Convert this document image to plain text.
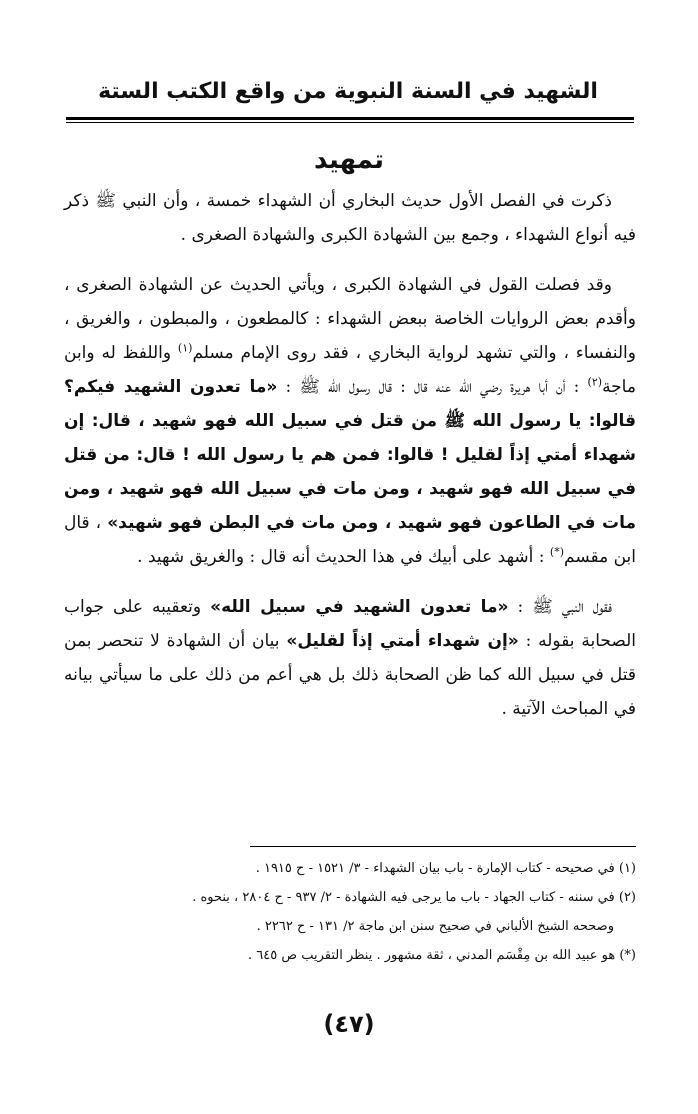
الشهيد في السنة النبوية من واقع الكتب الستة
تمهيد

ذكرت في الفصل الأول حديث البخاري أن الشهداء خمسة ، وأن النبي ﷺ ذكر فيه أنواع الشهداء ، وجمع بين الشهادة الكبرى والشهادة الصغرى .

وقد فصلت القول في الشهادة الكبرى ، ويأتي الحديث عن الشهادة الصغرى ، وأقدم بعض الروايات الخاصة ببعض الشهداء : كالمطعون ، والمبطون ، والغريق ، والنفساء ، والتي تشهد لرواية البخاري ، فقد روى الإمام مسلم$^{(١)}$ واللفظ له وابن ماجة$^{(٢)}$ : أن أبا هريرة رضي الله عنه قال : قال رسول الله ﷺ : «ما تعدون الشهيد فيكم؟ قالوا: يا رسول الله ﷺ من قتل في سبيل الله فهو شهيد ، قال: إن شهداء أمتي إذاً لقليل ! قالوا: فمن هم يا رسول الله ! قال: من قتل في سبيل الله فهو شهيد ، ومن مات في سبيل الله فهو شهيد ، ومن مات في الطاعون فهو شهيد ، ومن مات في البطن فهو شهيد» ، قال ابن مقسم(*) : أشهد على أبيك في هذا الحديث أنه قال : والغريق شهيد .

فقول النبي ﷺ : «ما تعدون الشهيد في سبيل الله» وتعقيبه على جواب الصحابة بقوله : «إن شهداء أمتي إذاً لقليل» بيان أن الشهادة لا تنحصر بمن قتل في سبيل الله كما ظن الصحابة ذلك بل هي أعم من ذلك على ما سيأتي بيانه في المباحث الآتية .

(١) في صحيحه - كتاب الإمارة - باب بيان الشهداء - ٣/ ١٥٢١ - ح ١٩١٥ .
(٢) في سننه - كتاب الجهاد - باب ما يرجى فيه الشهادة - ٢/ ٩٣٧ - ح ٢٨٠٤ ، بنحوه .
وصححه الشيخ الألباني في صحيح سنن ابن ماجة ٢/ ١٣١ - ح ٢٢٦٢ .
(*) هو عبيد الله بن مِقْسَم المدني ، ثقة مشهور . ينظر التقريب ص ٦٤٥ .
(٤٧)
